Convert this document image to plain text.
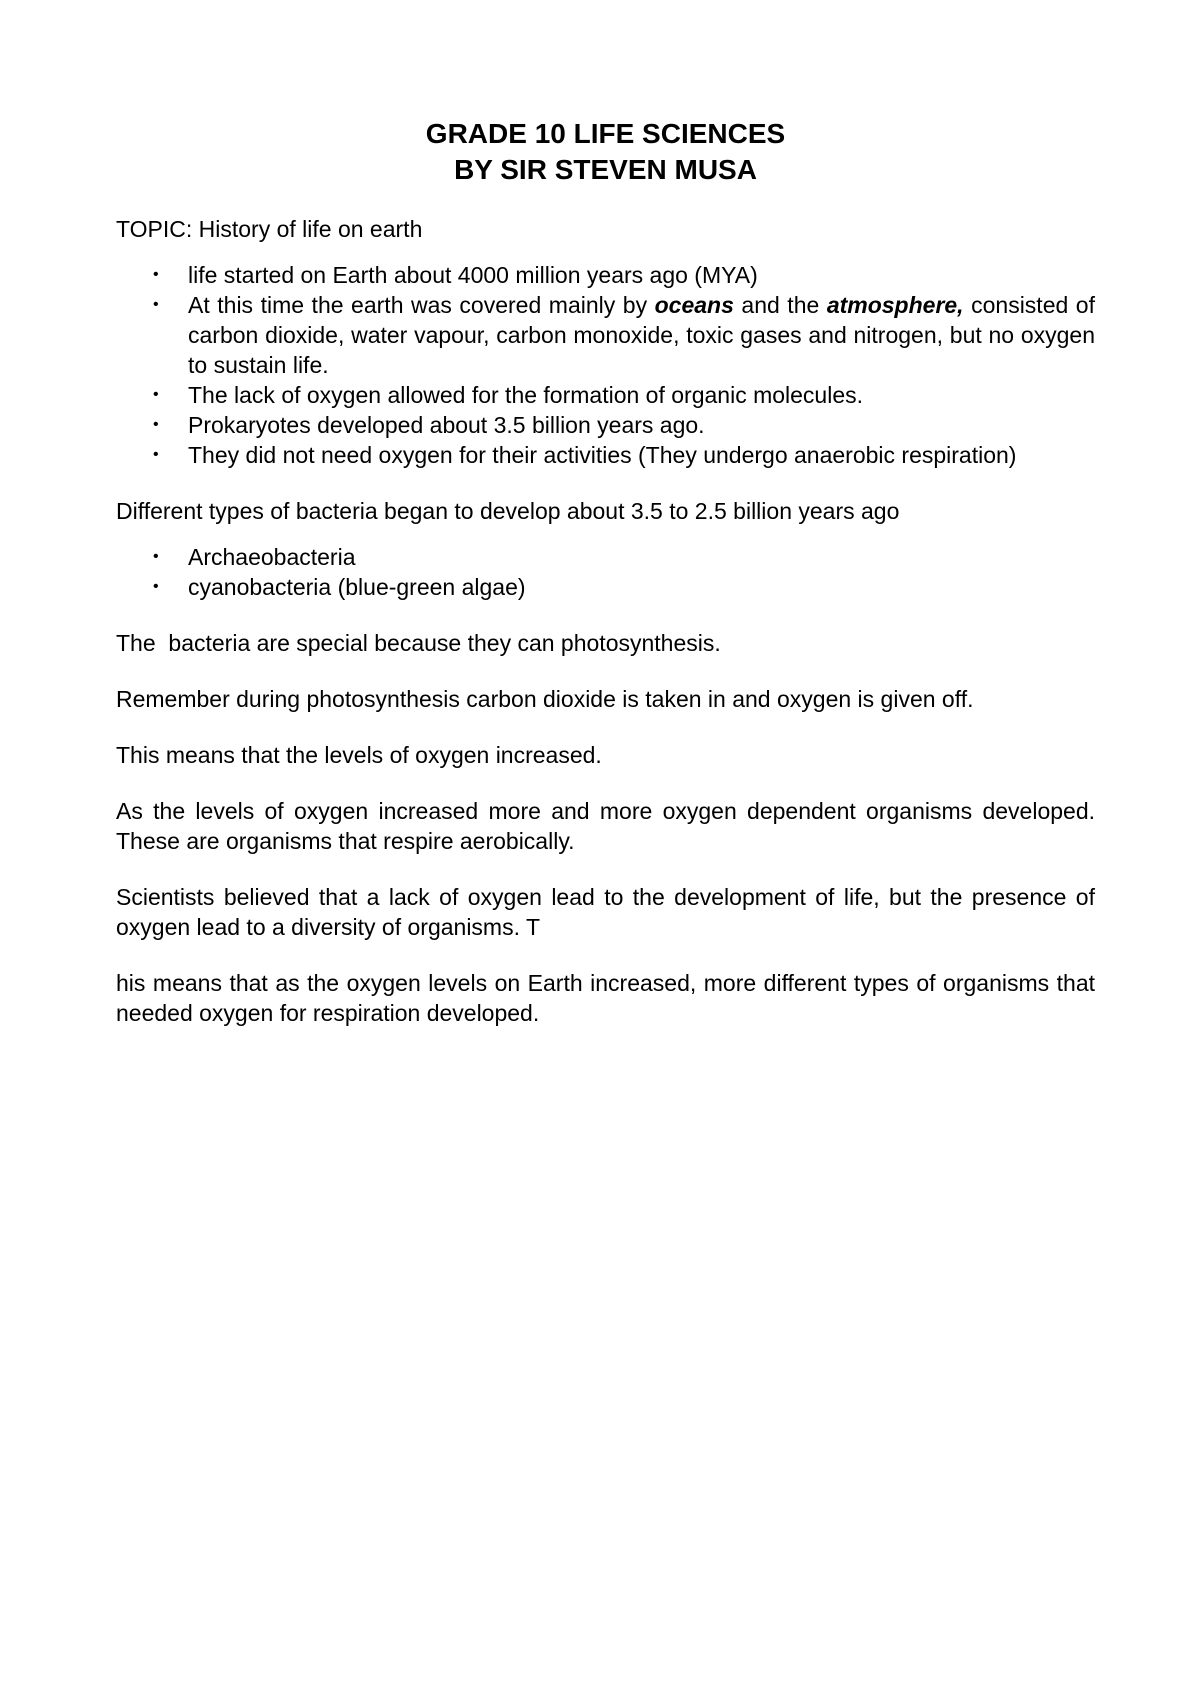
GRADE 10 LIFE SCIENCES
BY SIR STEVEN MUSA

TOPIC: History of life on earth

• life started on Earth about 4000 million years ago (MYA)
• At this time the earth was covered mainly by oceans and the atmosphere, consisted of carbon dioxide, water vapour, carbon monoxide, toxic gases and nitrogen, but no oxygen to sustain life.
• The lack of oxygen allowed for the formation of organic molecules.
• Prokaryotes developed about 3.5 billion years ago.
• They did not need oxygen for their activities (They undergo anaerobic respiration)

Different types of bacteria began to develop about 3.5 to 2.5 billion years ago

• Archaeobacteria
• cyanobacteria (blue-green algae)

The  bacteria are special because they can photosynthesis.

Remember during photosynthesis carbon dioxide is taken in and oxygen is given off.

This means that the levels of oxygen increased.

As the levels of oxygen increased more and more oxygen dependent organisms developed. These are organisms that respire aerobically.

Scientists believed that a lack of oxygen lead to the development of life, but the presence of oxygen lead to a diversity of organisms. T

his means that as the oxygen levels on Earth increased, more different types of organisms that needed oxygen for respiration developed.
